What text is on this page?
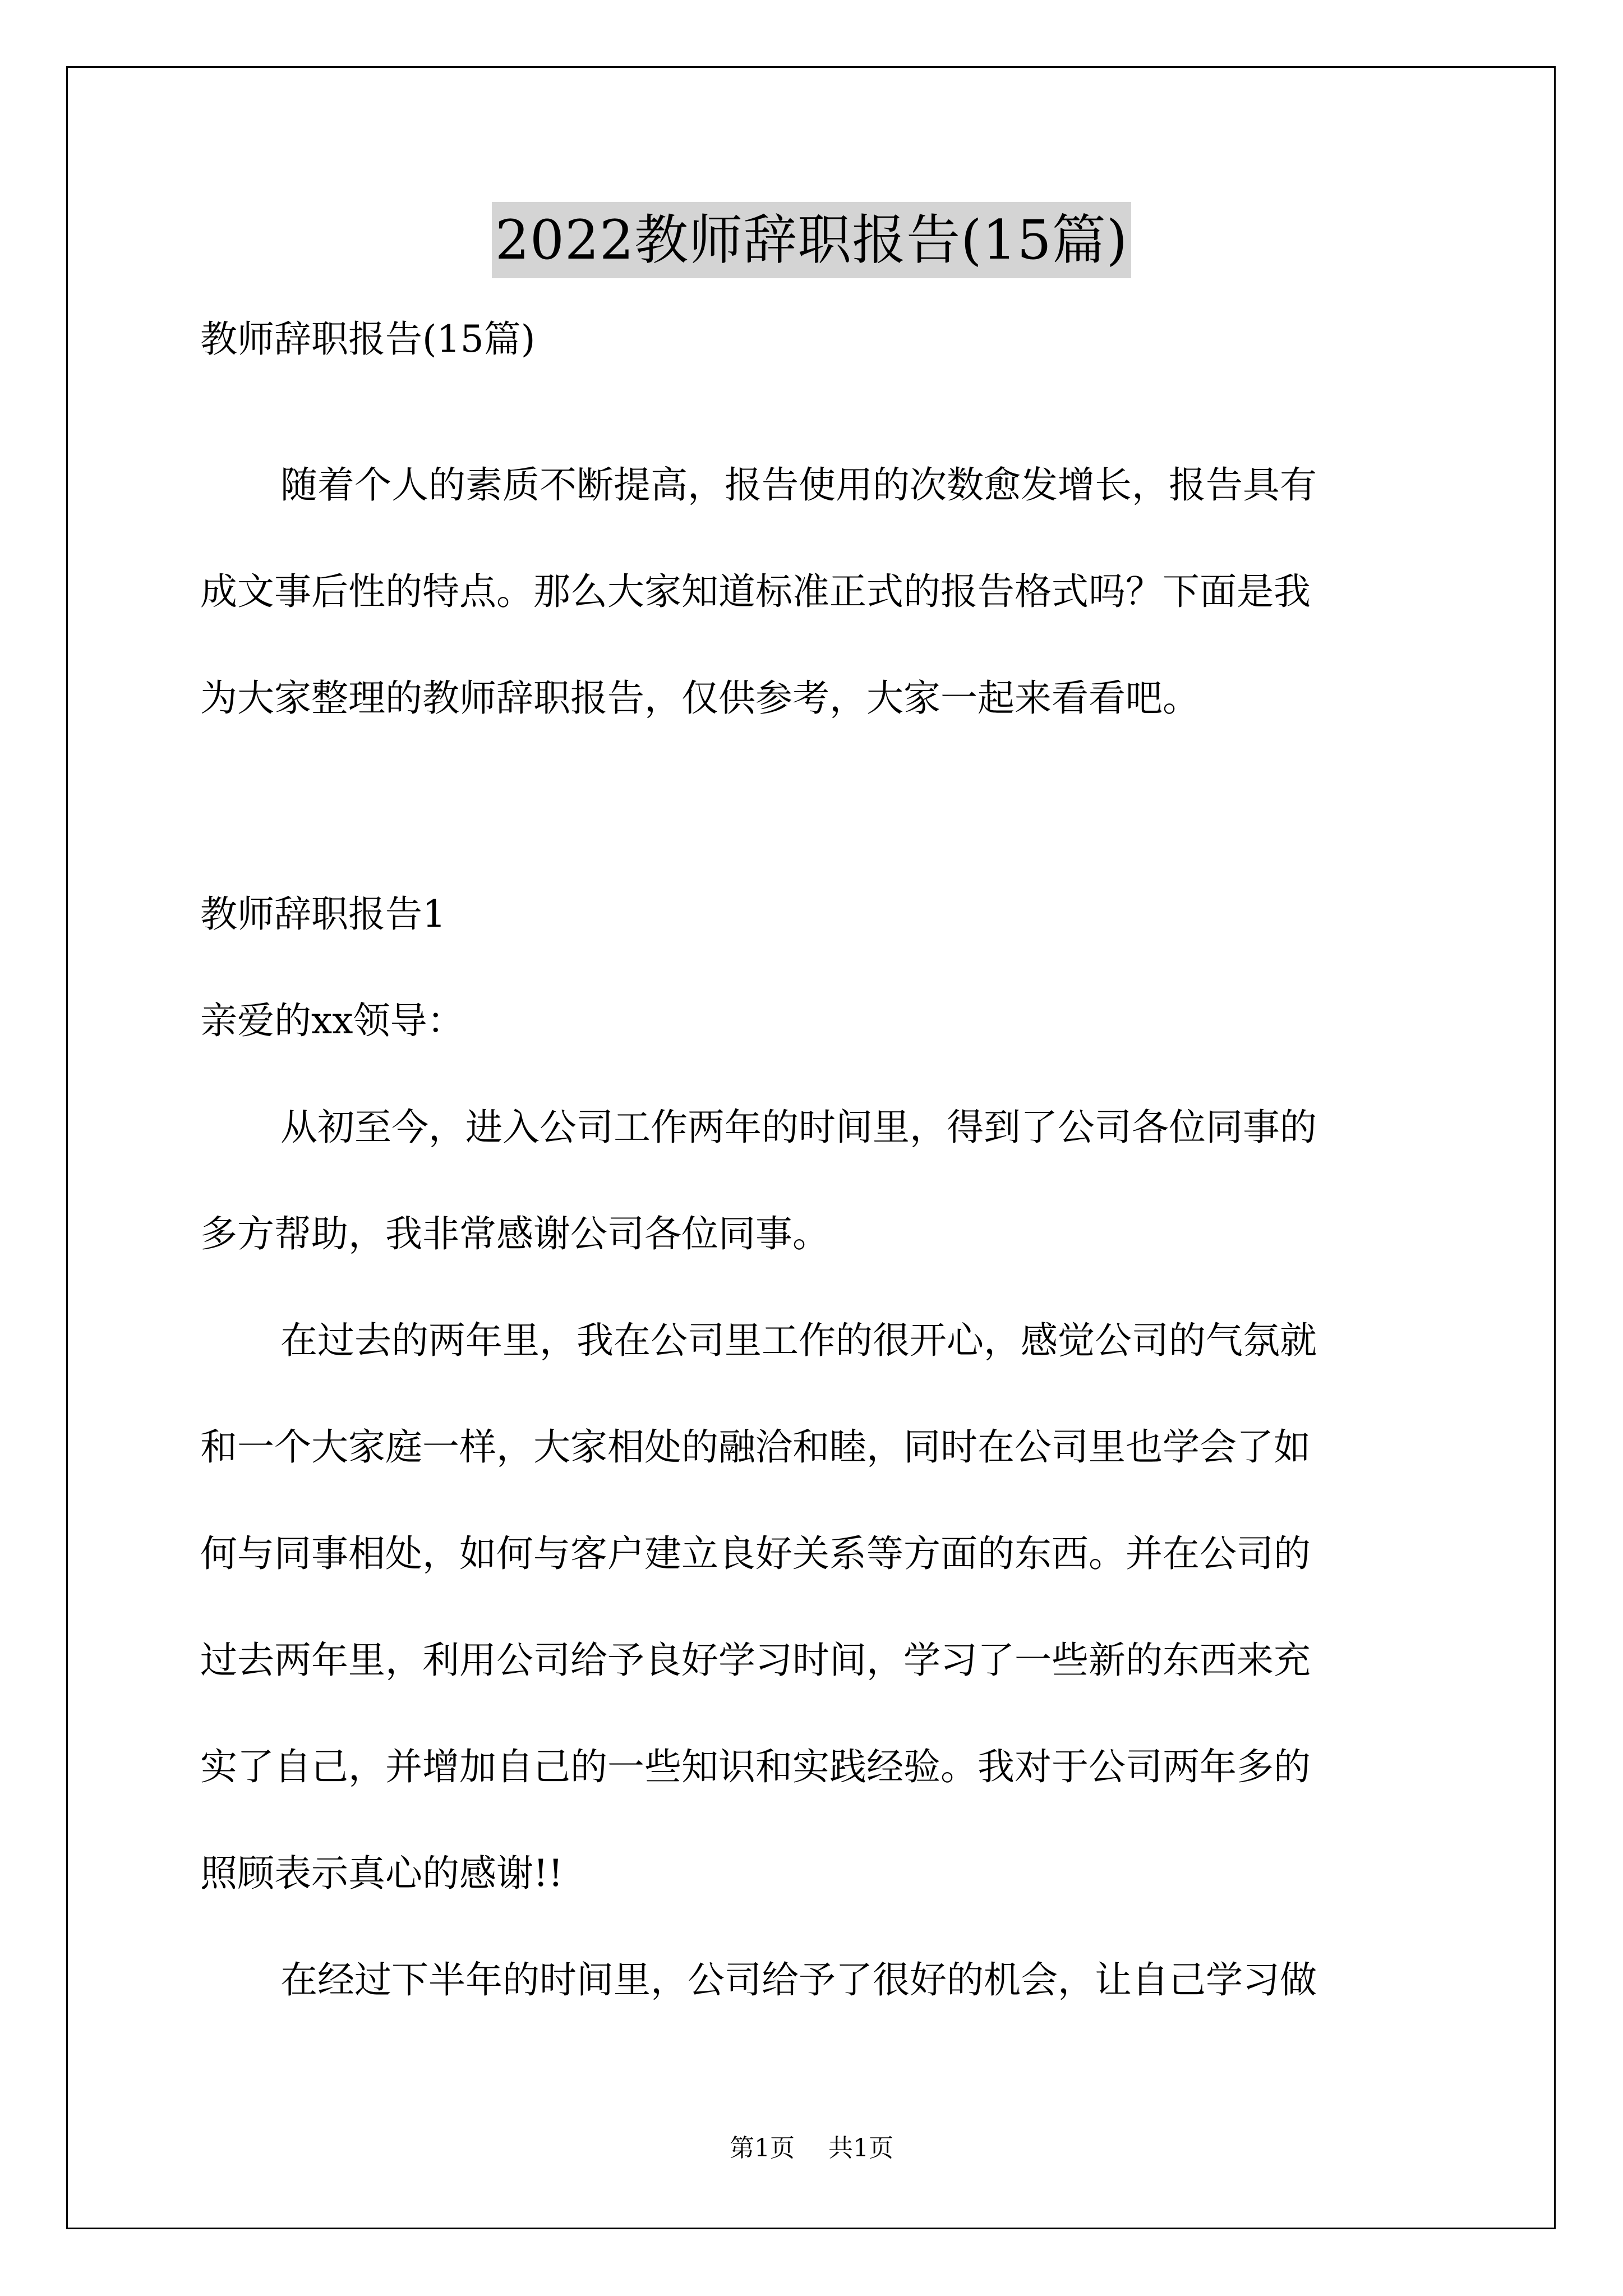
2022教师辞职报告(15篇)
教师辞职报告(15篇)
随着个人的素质不断提高，报告使用的次数愈发增长，报告具有
成文事后性的特点。那么大家知道标准正式的报告格式吗？下面是我
为大家整理的教师辞职报告，仅供参考，大家一起来看看吧。
教师辞职报告1
亲爱的xx领导：
从初至今，进入公司工作两年的时间里，得到了公司各位同事的
多方帮助，我非常感谢公司各位同事。
在过去的两年里，我在公司里工作的很开心，感觉公司的气氛就
和一个大家庭一样，大家相处的融洽和睦，同时在公司里也学会了如
何与同事相处，如何与客户建立良好关系等方面的东西。并在公司的
过去两年里，利用公司给予良好学习时间，学习了一些新的东西来充
实了自己，并增加自己的一些知识和实践经验。我对于公司两年多的
照顾表示真心的感谢!!
在经过下半年的时间里，公司给予了很好的机会，让自己学习做
第1页 共1页
